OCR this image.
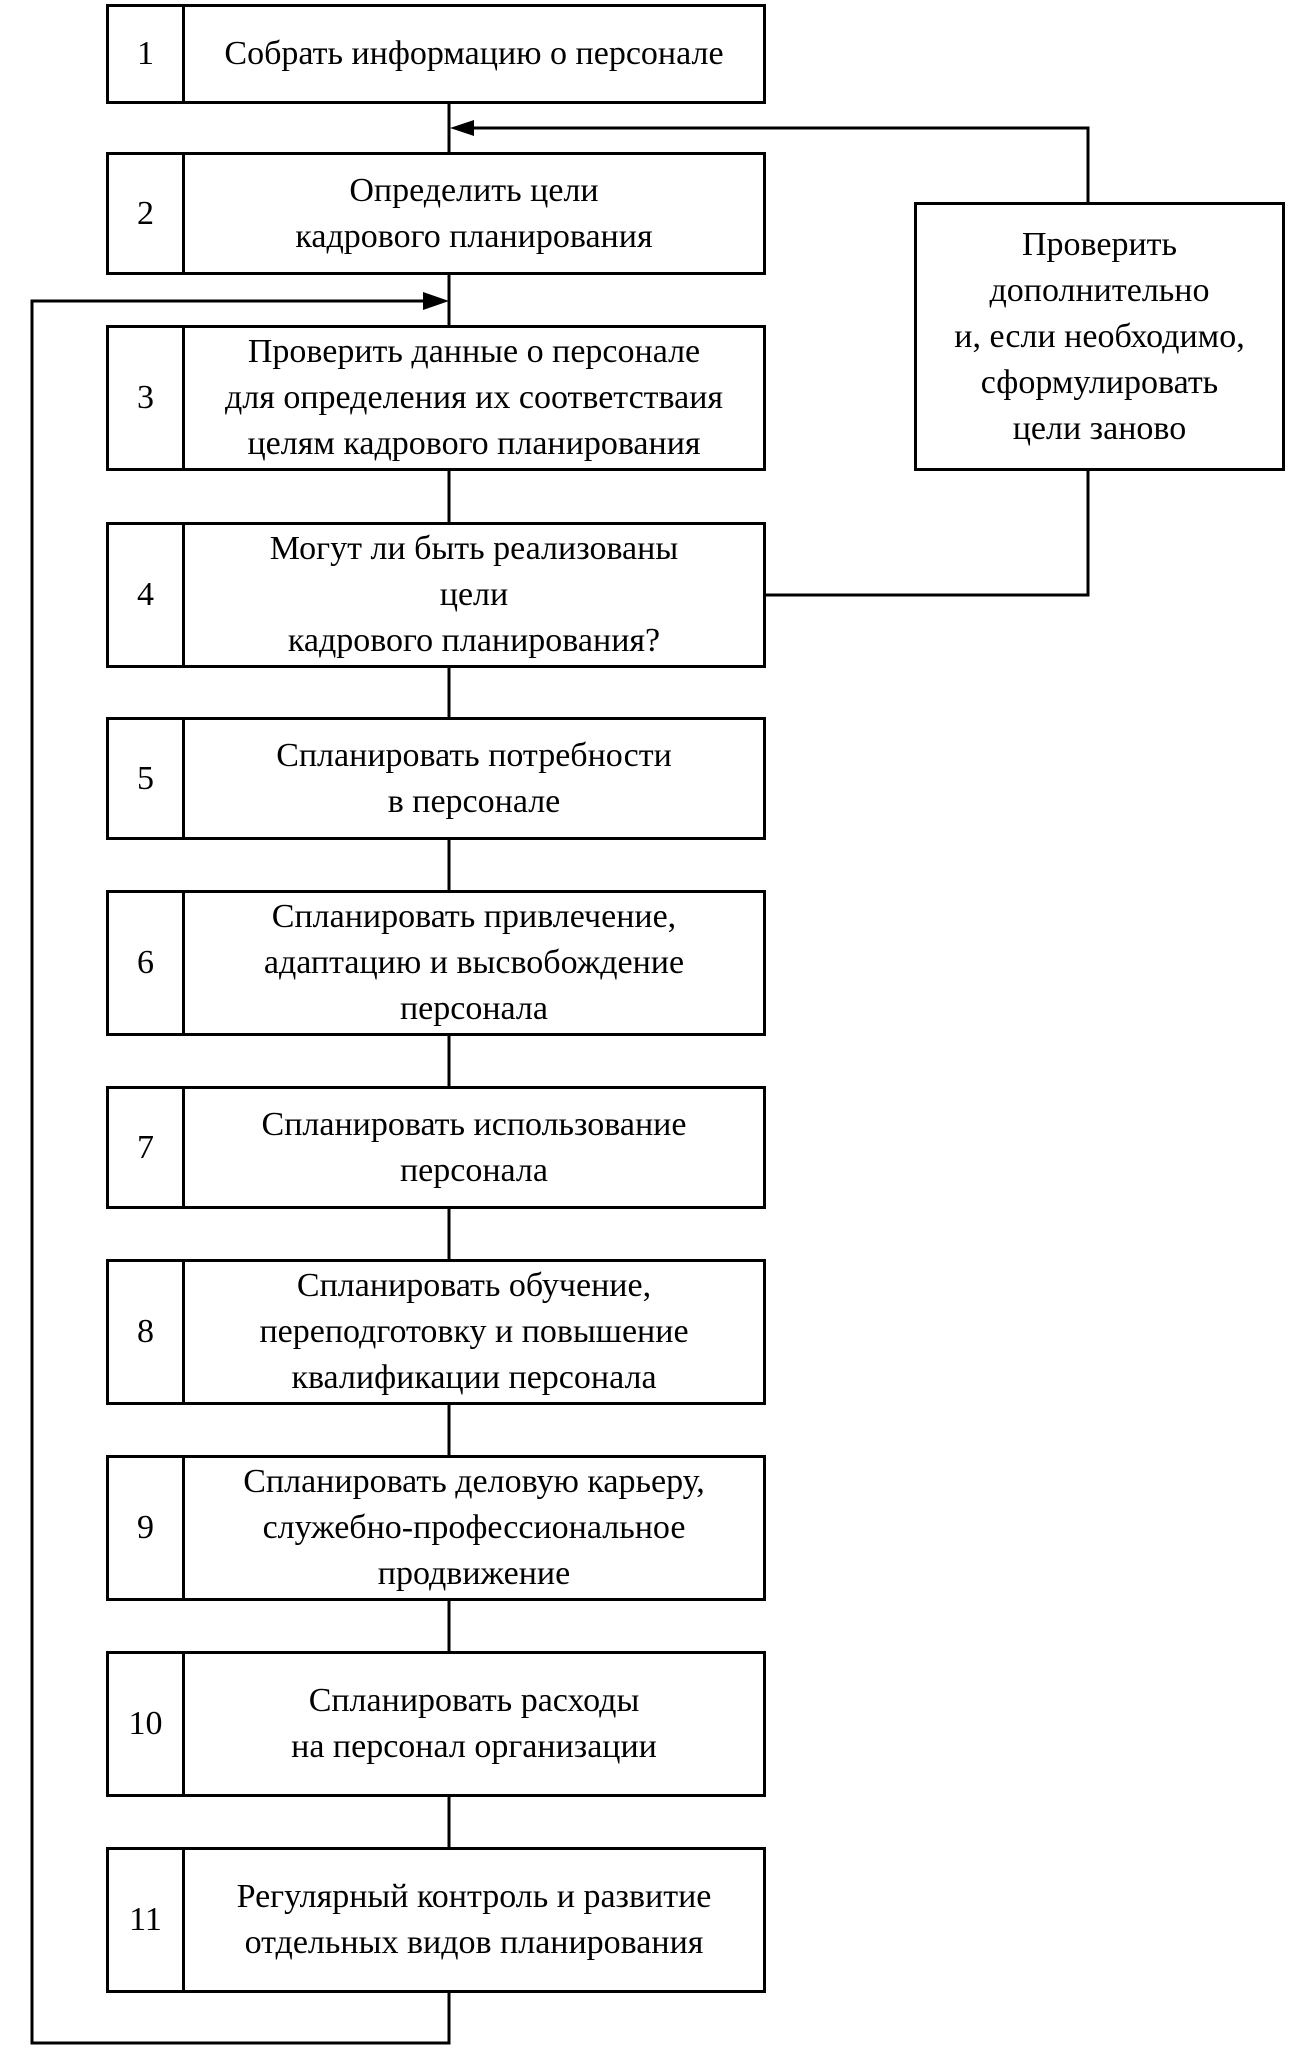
1	Собрать информацию о персонале
2
Определить цели
кадрового планирования
3
Проверить данные о персонале
для определения их соответстваия
целям кадрового планирования
4
Могут ли быть реализованы
цели
кадрового планирования?
5
Спланировать потребности
в персонале
6
Спланировать привлечение,
адаптацию и высвобождение
персонала
7
Спланировать использование
персонала
8
Спланировать обучение,
переподготовку и повышение
квалификации персонала
9
Спланировать деловую карьеру,
служебно-профессиональное
продвижение
10
Спланировать расходы
на персонал организации
11
Регулярный контроль и развитие
отдельных видов планирования
Проверить
дополнительно
и, если необходимо,
сформулировать
цели заново
